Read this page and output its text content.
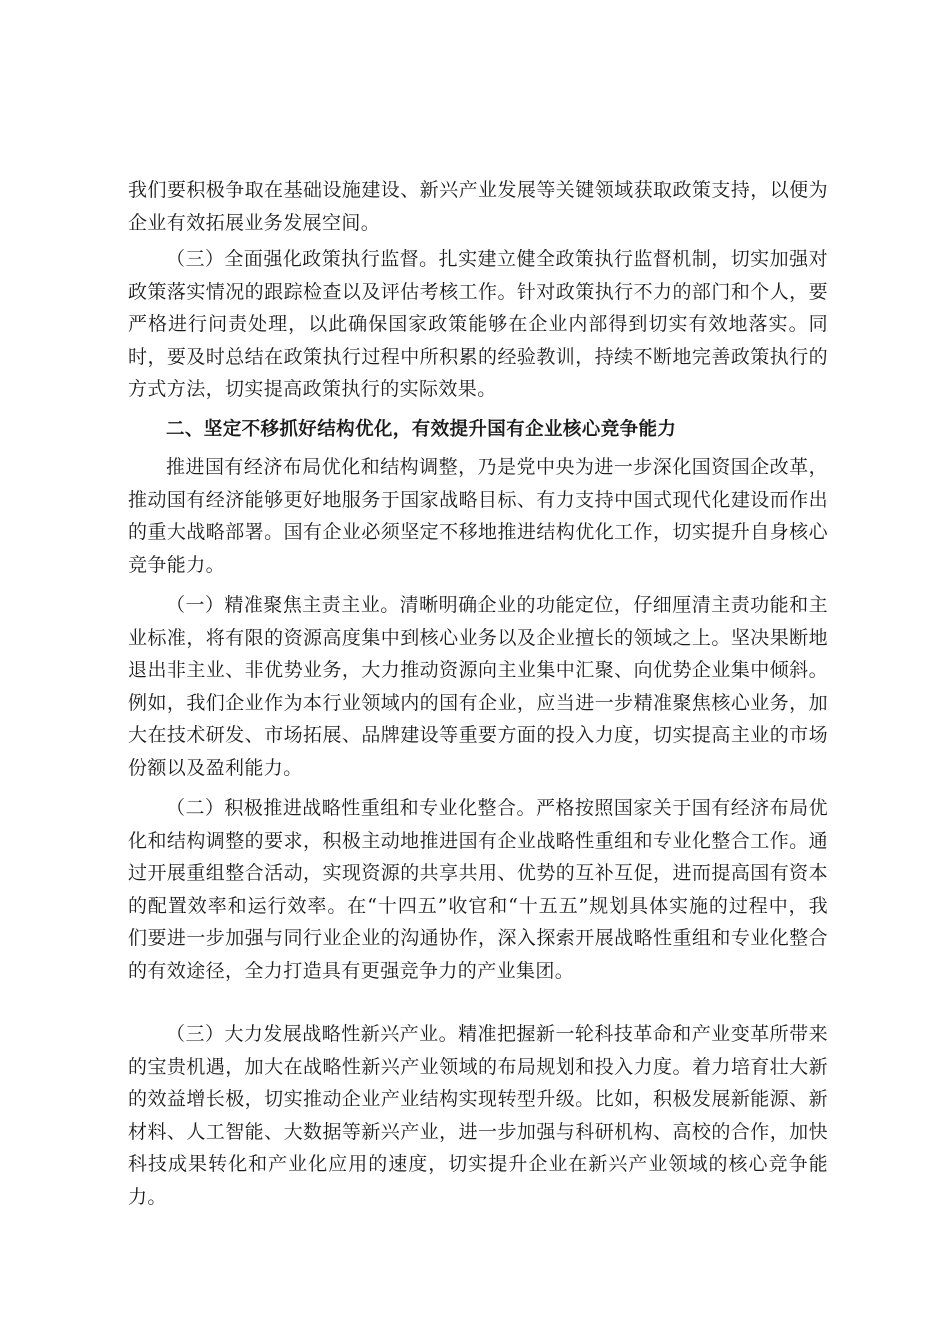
我们要积极争取在基础设施建设、新兴产业发展等关键领域获取政策支持，以便为企业有效拓展业务发展空间。

（三）全面强化政策执行监督。扎实建立健全政策执行监督机制，切实加强对政策落实情况的跟踪检查以及评估考核工作。针对政策执行不力的部门和个人，要严格进行问责处理，以此确保国家政策能够在企业内部得到切实有效地落实。同时，要及时总结在政策执行过程中所积累的经验教训，持续不断地完善政策执行的方式方法，切实提高政策执行的实际效果。

二、坚定不移抓好结构优化，有效提升国有企业核心竞争能力

推进国有经济布局优化和结构调整，乃是党中央为进一步深化国资国企改革，推动国有经济能够更好地服务于国家战略目标、有力支持中国式现代化建设而作出的重大战略部署。国有企业必须坚定不移地推进结构优化工作，切实提升自身核心竞争能力。

（一）精准聚焦主责主业。清晰明确企业的功能定位，仔细厘清主责功能和主业标准，将有限的资源高度集中到核心业务以及企业擅长的领域之上。坚决果断地退出非主业、非优势业务，大力推动资源向主业集中汇聚、向优势企业集中倾斜。例如，我们企业作为本行业领域内的国有企业，应当进一步精准聚焦核心业务，加大在技术研发、市场拓展、品牌建设等重要方面的投入力度，切实提高主业的市场份额以及盈利能力。

（二）积极推进战略性重组和专业化整合。严格按照国家关于国有经济布局优化和结构调整的要求，积极主动地推进国有企业战略性重组和专业化整合工作。通过开展重组整合活动，实现资源的共享共用、优势的互补互促，进而提高国有资本的配置效率和运行效率。在“十四五”收官和“十五五”规划具体实施的过程中，我们要进一步加强与同行业企业的沟通协作，深入探索开展战略性重组和专业化整合的有效途径，全力打造具有更强竞争力的产业集团。

（三）大力发展战略性新兴产业。精准把握新一轮科技革命和产业变革所带来的宝贵机遇，加大在战略性新兴产业领域的布局规划和投入力度。着力培育壮大新的效益增长极，切实推动企业产业结构实现转型升级。比如，积极发展新能源、新材料、人工智能、大数据等新兴产业，进一步加强与科研机构、高校的合作，加快科技成果转化和产业化应用的速度，切实提升企业在新兴产业领域的核心竞争能力。
